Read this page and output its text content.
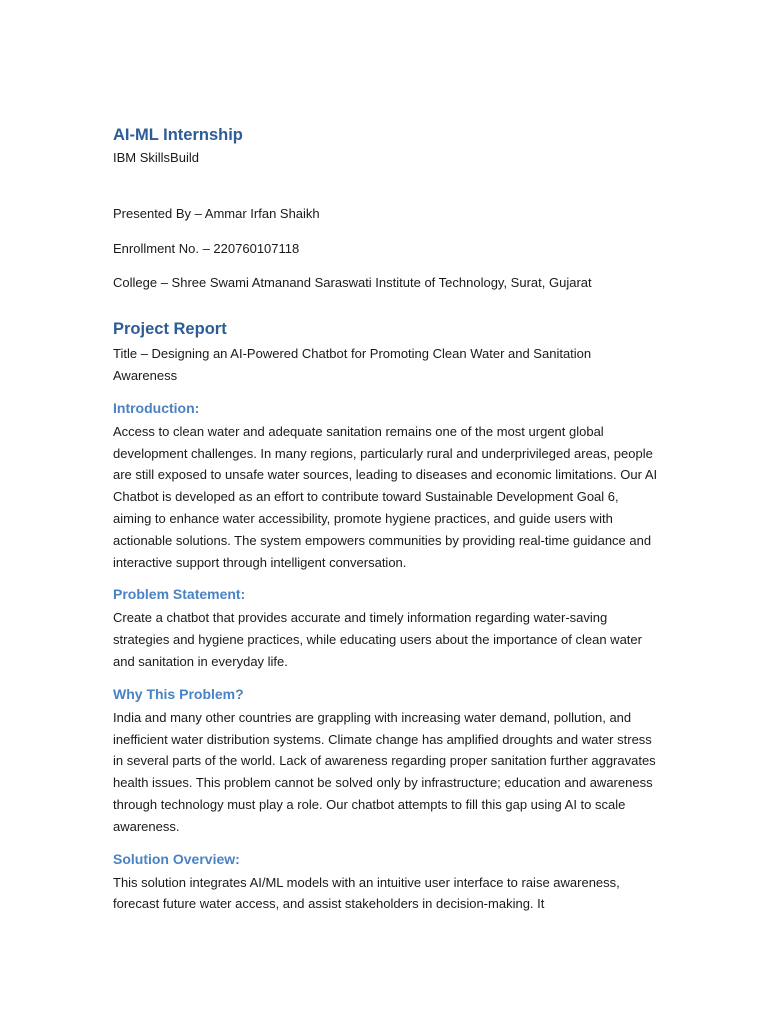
AI-ML Internship

IBM SkillsBuild

Presented By – Ammar Irfan Shaikh

Enrollment No. – 220760107118

College – Shree Swami Atmanand Saraswati Institute of Technology, Surat, Gujarat

Project Report

Title – Designing an AI-Powered Chatbot for Promoting Clean Water and Sanitation Awareness

Introduction:

Access to clean water and adequate sanitation remains one of the most urgent global development challenges. In many regions, particularly rural and underprivileged areas, people are still exposed to unsafe water sources, leading to diseases and economic limitations. Our AI Chatbot is developed as an effort to contribute toward Sustainable Development Goal 6, aiming to enhance water accessibility, promote hygiene practices, and guide users with actionable solutions. The system empowers communities by providing real-time guidance and interactive support through intelligent conversation.

Problem Statement:

Create a chatbot that provides accurate and timely information regarding water-saving strategies and hygiene practices, while educating users about the importance of clean water and sanitation in everyday life.

Why This Problem?

India and many other countries are grappling with increasing water demand, pollution, and inefficient water distribution systems. Climate change has amplified droughts and water stress in several parts of the world. Lack of awareness regarding proper sanitation further aggravates health issues. This problem cannot be solved only by infrastructure; education and awareness through technology must play a role. Our chatbot attempts to fill this gap using AI to scale awareness.

Solution Overview:

This solution integrates AI/ML models with an intuitive user interface to raise awareness, forecast future water access, and assist stakeholders in decision-making. It
